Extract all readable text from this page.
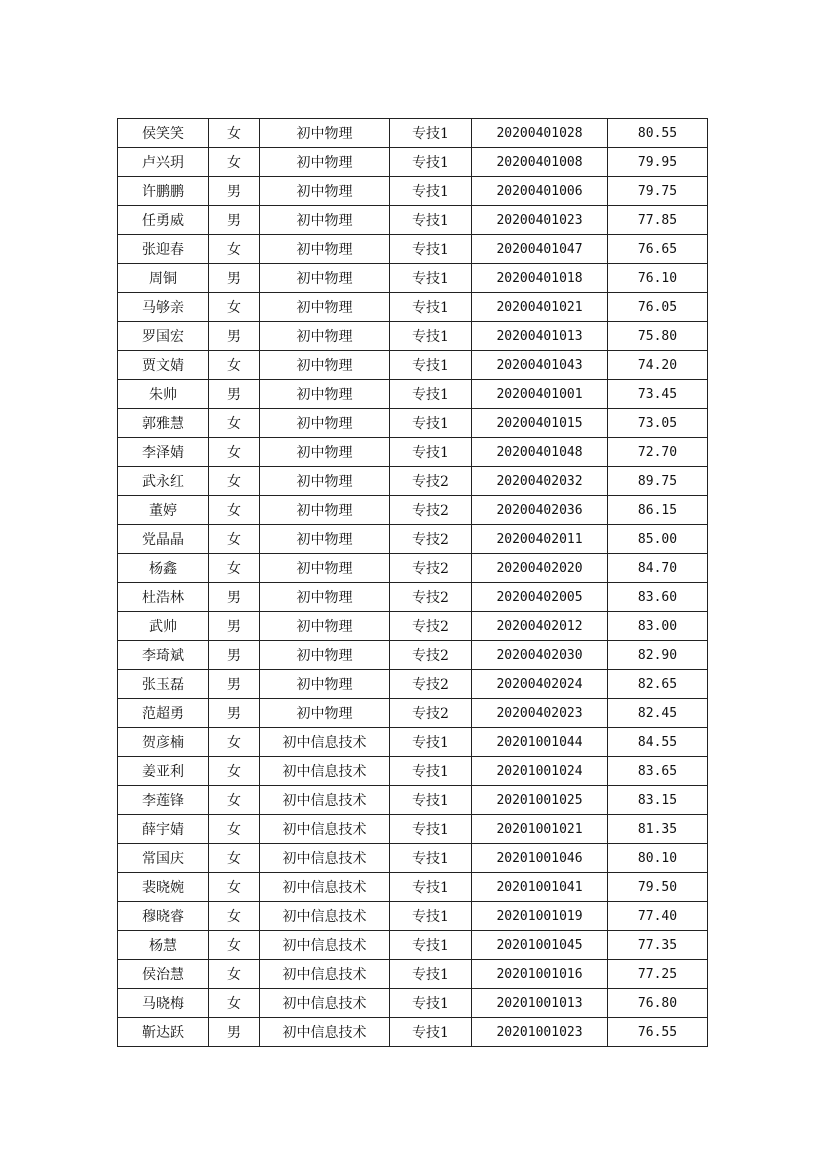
侯笑笑	女	初中物理	专技1	20200401028	80.55
卢兴玥	女	初中物理	专技1	20200401008	79.95
许鹏鹏	男	初中物理	专技1	20200401006	79.75
任勇威	男	初中物理	专技1	20200401023	77.85
张迎春	女	初中物理	专技1	20200401047	76.65
周铜	男	初中物理	专技1	20200401018	76.10
马够亲	女	初中物理	专技1	20200401021	76.05
罗国宏	男	初中物理	专技1	20200401013	75.80
贾文婧	女	初中物理	专技1	20200401043	74.20
朱帅	男	初中物理	专技1	20200401001	73.45
郭雅慧	女	初中物理	专技1	20200401015	73.05
李泽婧	女	初中物理	专技1	20200401048	72.70
武永红	女	初中物理	专技2	20200402032	89.75
董婷	女	初中物理	专技2	20200402036	86.15
党晶晶	女	初中物理	专技2	20200402011	85.00
杨鑫	女	初中物理	专技2	20200402020	84.70
杜浩林	男	初中物理	专技2	20200402005	83.60
武帅	男	初中物理	专技2	20200402012	83.00
李琦斌	男	初中物理	专技2	20200402030	82.90
张玉磊	男	初中物理	专技2	20200402024	82.65
范超勇	男	初中物理	专技2	20200402023	82.45
贺彦楠	女	初中信息技术	专技1	20201001044	84.55
姜亚利	女	初中信息技术	专技1	20201001024	83.65
李莲锋	女	初中信息技术	专技1	20201001025	83.15
薛宇婧	女	初中信息技术	专技1	20201001021	81.35
常国庆	女	初中信息技术	专技1	20201001046	80.10
裴晓婉	女	初中信息技术	专技1	20201001041	79.50
穆晓睿	女	初中信息技术	专技1	20201001019	77.40
杨慧	女	初中信息技术	专技1	20201001045	77.35
侯治慧	女	初中信息技术	专技1	20201001016	77.25
马晓梅	女	初中信息技术	专技1	20201001013	76.80
靳达跃	男	初中信息技术	专技1	20201001023	76.55
